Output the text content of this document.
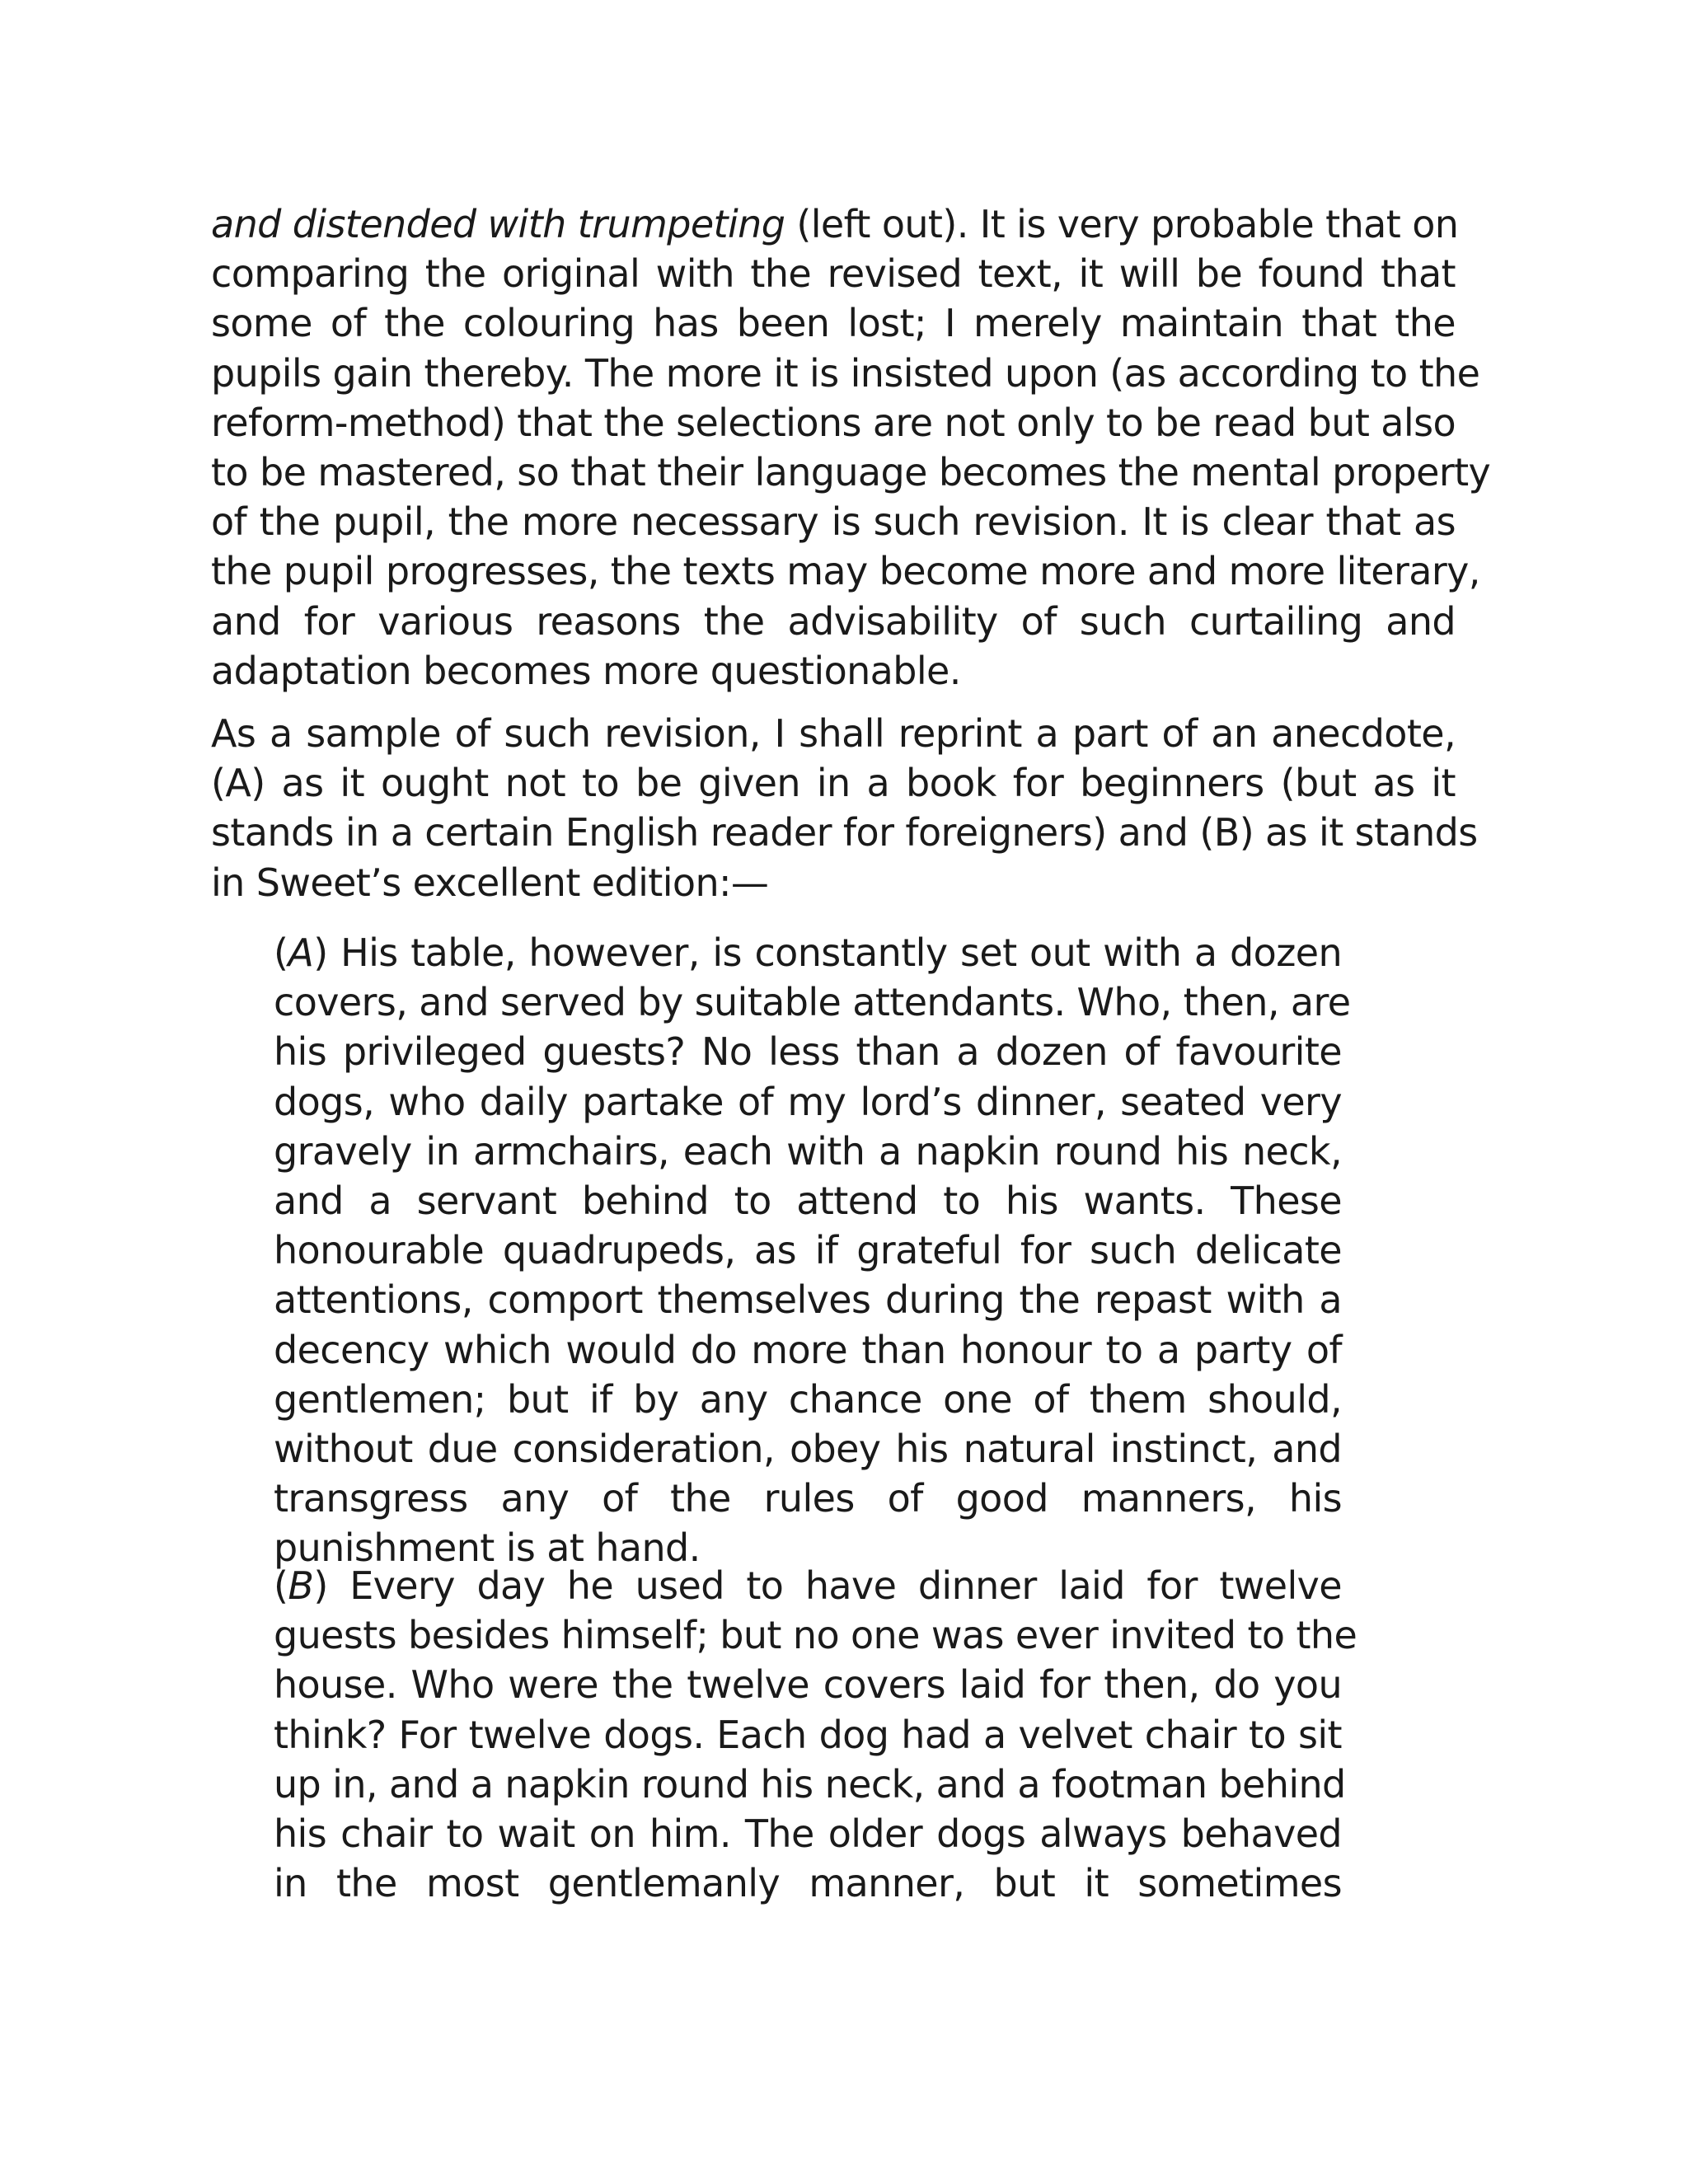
and distended with trumpeting (left out). It is very probable that on
comparing the original with the revised text, it will be found that
some of the colouring has been lost; I merely maintain that the
pupils gain thereby. The more it is insisted upon (as according to the
reform-method) that the selections are not only to be read but also
to be mastered, so that their language becomes the mental property
of the pupil, the more necessary is such revision. It is clear that as
the pupil progresses, the texts may become more and more literary,
and for various reasons the advisability of such curtailing and
adaptation becomes more questionable.
As a sample of such revision, I shall reprint a part of an anecdote,
(A) as it ought not to be given in a book for beginners (but as it
stands in a certain English reader for foreigners) and (B) as it stands
in Sweet’s excellent edition:—
(A) His table, however, is constantly set out with a dozen
covers, and served by suitable attendants. Who, then, are
his privileged guests? No less than a dozen of favourite
dogs, who daily partake of my lord’s dinner, seated very
gravely in armchairs, each with a napkin round his neck,
and a servant behind to attend to his wants. These
honourable quadrupeds, as if grateful for such delicate
attentions, comport themselves during the repast with a
decency which would do more than honour to a party of
gentlemen; but if by any chance one of them should,
without due consideration, obey his natural instinct, and
transgress any of the rules of good manners, his
punishment is at hand.
(B) Every day he used to have dinner laid for twelve
guests besides himself; but no one was ever invited to the
house. Who were the twelve covers laid for then, do you
think? For twelve dogs. Each dog had a velvet chair to sit
up in, and a napkin round his neck, and a footman behind
his chair to wait on him. The older dogs always behaved
in the most gentlemanly manner, but it sometimes
